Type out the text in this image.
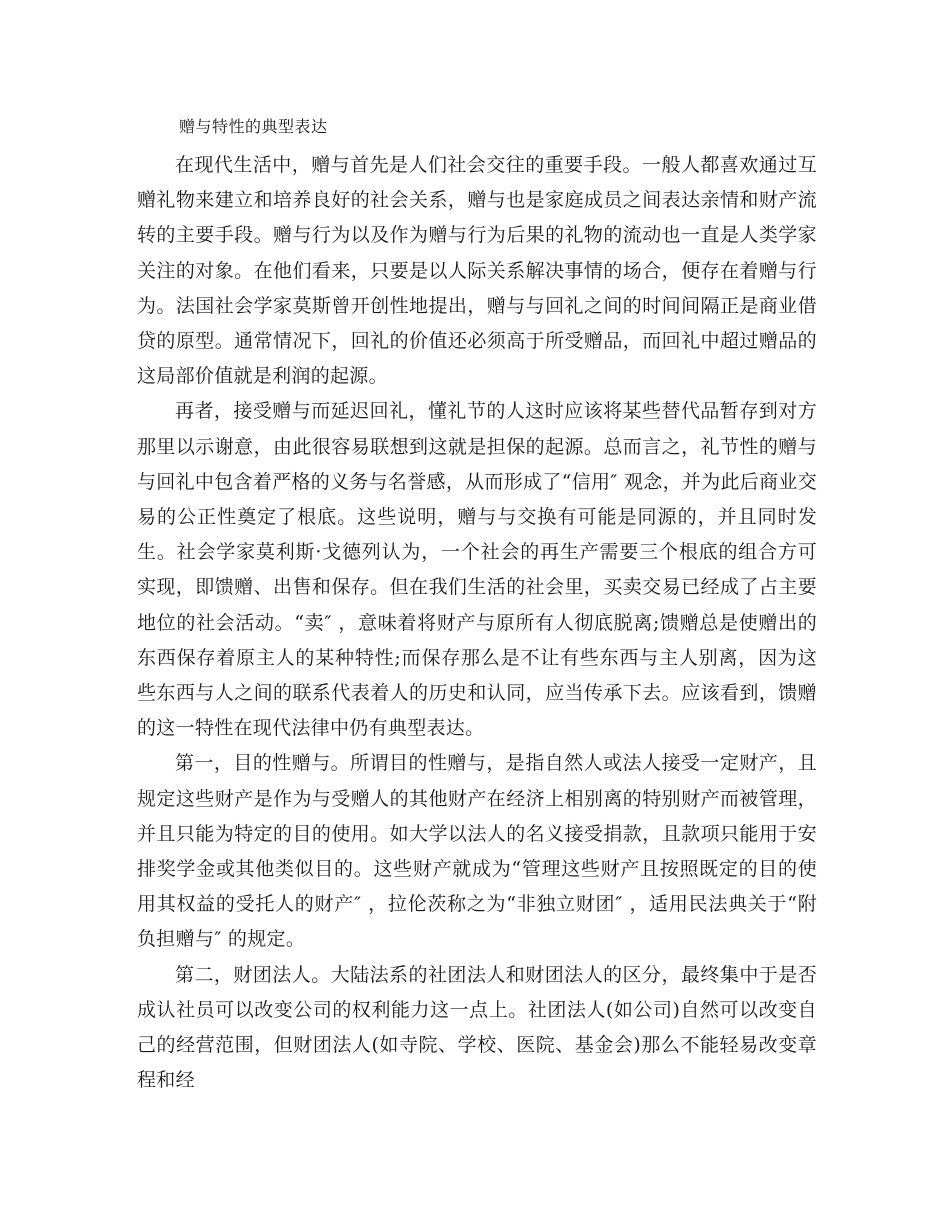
赠与特性的典型表达

在现代生活中，赠与首先是人们社会交往的重要手段。一般人都喜欢通过互赠礼物来建立和培养良好的社会关系，赠与也是家庭成员之间表达亲情和财产流转的主要手段。赠与行为以及作为赠与行为后果的礼物的流动也一直是人类学家关注的对象。在他们看来，只要是以人际关系解决事情的场合，便存在着赠与行为。法国社会学家莫斯曾开创性地提出，赠与与回礼之间的时间间隔正是商业借贷的原型。通常情况下，回礼的价值还必须高于所受赠品，而回礼中超过赠品的这局部价值就是利润的起源。

再者，接受赠与而延迟回礼，懂礼节的人这时应该将某些替代品暂存到对方那里以示谢意，由此很容易联想到这就是担保的起源。总而言之，礼节性的赠与与回礼中包含着严格的义务与名誉感，从而形成了“信用″ 观念，并为此后商业交易的公正性奠定了根底。这些说明，赠与与交换有可能是同源的，并且同时发生。社会学家莫利斯·戈德列认为，一个社会的再生产需要三个根底的组合方可实现，即馈赠、出售和保存。但在我们生活的社会里，买卖交易已经成了占主要地位的社会活动。“卖″ ，意味着将财产与原所有人彻底脱离;馈赠总是使赠出的东西保存着原主人的某种特性;而保存那么是不让有些东西与主人别离，因为这些东西与人之间的联系代表着人的历史和认同，应当传承下去。应该看到，馈赠的这一特性在现代法律中仍有典型表达。

第一，目的性赠与。所谓目的性赠与，是指自然人或法人接受一定财产，且规定这些财产是作为与受赠人的其他财产在经济上相别离的特别财产而被管理，并且只能为特定的目的使用。如大学以法人的名义接受捐款，且款项只能用于安排奖学金或其他类似目的。这些财产就成为“管理这些财产且按照既定的目的使用其权益的受托人的财产″ ，拉伦茨称之为“非独立财团″ ，适用民法典关于“附负担赠与″ 的规定。

第二，财团法人。大陆法系的社团法人和财团法人的区分，最终集中于是否成认社员可以改变公司的权利能力这一点上。社团法人(如公司)自然可以改变自己的经营范围，但财团法人(如寺院、学校、医院、基金会)那么不能轻易改变章程和经
